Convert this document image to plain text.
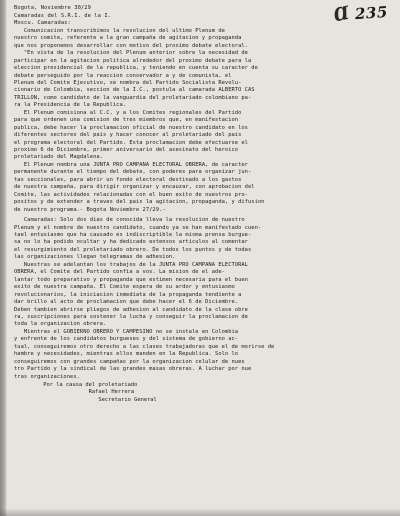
Ɑ 235
Bogota, Noviembre 30/29
Camaradas del S.R.I. de la I.
Moscu. Camaradas:
Comunicacion transcribimos la resolucion del ultimo Plenum de
nuestro comite, referente a la gran campaña de agitacion y propaganda
que nos proponemos desarrollar con motivo del proximo debate electoral.
"En vista de la resolucion del Plenum anterior sobre la necesidad de
participar en la agitacion politica alrededor del proximo debate para la
eleccion presidencial de la republica, y teniendo en cuenta su caracter de
debate perseguido por la reaccion conservador a y de comunista, el
Plenum del Comite Ejecutivo, se nombra del Partido Socialista Revolu-
cionario de Colombia, seccion de la I.C., postula al camarada ALBERTO CAS
TRILLON, como candidato de la vanguardia del proletariado colombiano pa-
ra la Presidencia de la Republica.
El Plenum comisiona al C.C. y a los Comites regionales del Partido
para que ordenen una comision de tres miembros que, en manifestacion
publica, debe hacer la proclamacion oficial de nuestro candidato en los
diferentes sectores del pais y hacer conocer al proletariado del pais
el programa electoral del Partido. Esta proclamacion debe efectuarse el
proximo 6 de Diciembre, primer aniversario del asesinato del heroico
proletariado del Magdalena.
El Plenum nombra una JUNTA PRO CAMPAÑA ELECTORAL OBRERA, de caracter
permanente durante el tiempo del debate, con poderes para organizar jun-
tas seccionales, para abrir un fondo electoral destinado a los gastos
de nuestra campaña, para dirigir organizar y encauzar, con aprobacion del
Comite, las actividades relacionadas con el buen exito de nuestros pro-
positos y de extender a traves del pais la agitacion, propaganda, y difusion
de nuestro programa.- Bogota Noviembre 27/29.-
Camaradas: Solo dos dias de conocida lleva la resolucion de nuestro
Plenum y el nombre de nuestro candidato, cuando ya se han manifestado cuen-
tael entusiasmo que ha causado es indiscriptible la misma prensa burgue-
sa no lo ha podido ocultar y ha dedicado extensos articulos al comentar
el resurgimiento del proletariado obrero. De todos los puntos y de todas
las organizaciones llegan telegramas de adhesion.
Nuestras se adelantan los trabajos de la JUNTA PRO CAMPAÑA ELECTORAL
OBRERA, el Comite del Partido confia a vos. La mision de el ade-
lantar todo preparativo y propaganda que estimen necesaria para el buen
exito de nuestra campaña. El Comite espera de su ardor y entusiasmo
revolucionarios, la iniciacion inmediata de la propaganda tendiente a
dar brillo al acto de proclamacion que debe hacer el 6 de Diciembre.
Deben tambien abrirse pliegos de adhesion al candidato de la clase obre
ra, suscripciones para sostener la lucha y conseguir la proclamacion de
toda la organizacion obrera.
Mientras el GOBIERNO OBRERO Y CAMPESINO no se instale en Colombia
y enfrente de los candidatos burgueses y del sistema de gobierno ac-
tual, conseguiremos otro derecho a las clases trabajadoras que el de morirse de
hambre y necesidades, mientras ellos manden en la Republica. Solo lo
conseguiremos con grandes campañas por la organizacion celular de nues
tro Partido y la sindical de las grandes masas obreras. A luchar por nue
tras organizaciones.
Por la causa del proletariado
Rafael Herrera
Secretario General
